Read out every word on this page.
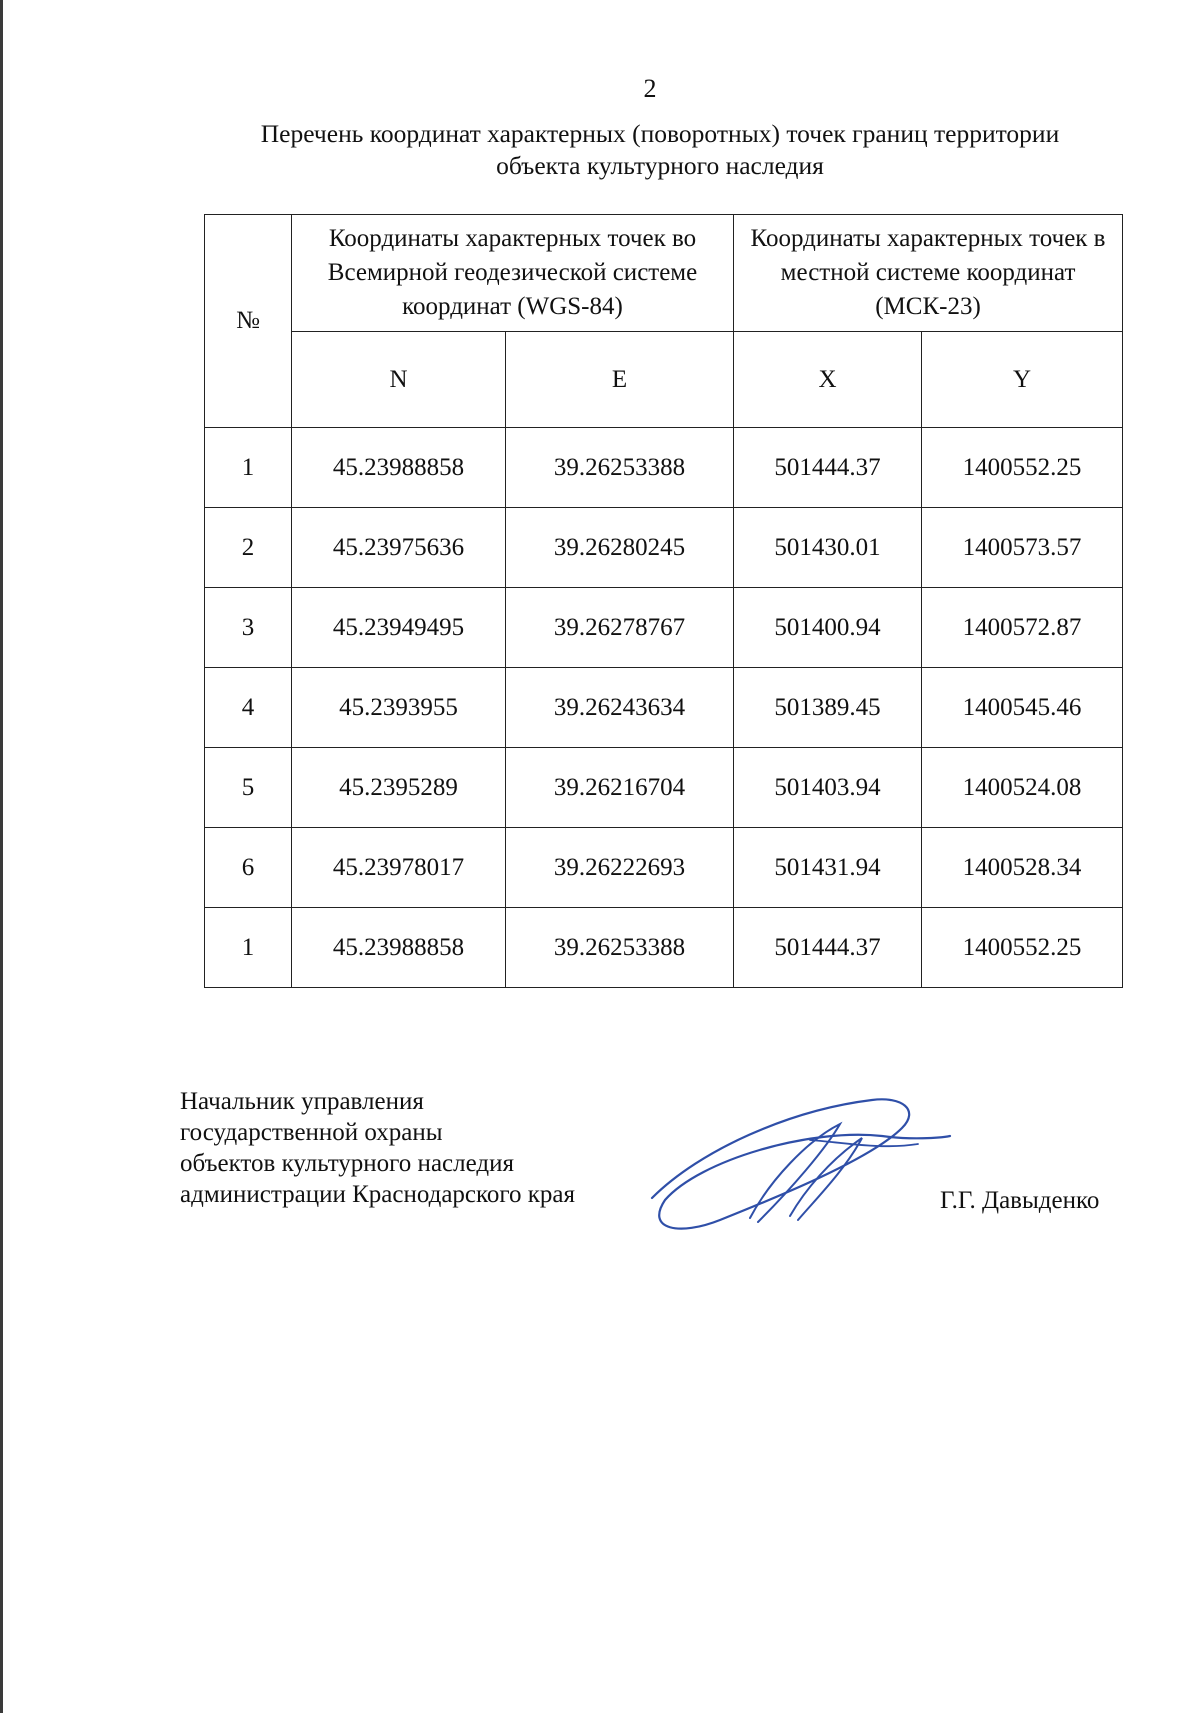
2
Перечень координат характерных (поворотных) точек границ территории
объекта культурного наследия
№	Координаты характерных точек во Всемирной геодезической системе координат (WGS-84)		Координаты характерных точек в местной системе координат (МСК-23)	
	N	E	X	Y
1	45.23988858	39.26253388	501444.37	1400552.25
2	45.23975636	39.26280245	501430.01	1400573.57
3	45.23949495	39.26278767	501400.94	1400572.87
4	45.2393955	39.26243634	501389.45	1400545.46
5	45.2395289	39.26216704	501403.94	1400524.08
6	45.23978017	39.26222693	501431.94	1400528.34
1	45.23988858	39.26253388	501444.37	1400552.25
Начальник управления
государственной охраны
объектов культурного наследия
администрации Краснодарского края	Г.Г. Давыденко
